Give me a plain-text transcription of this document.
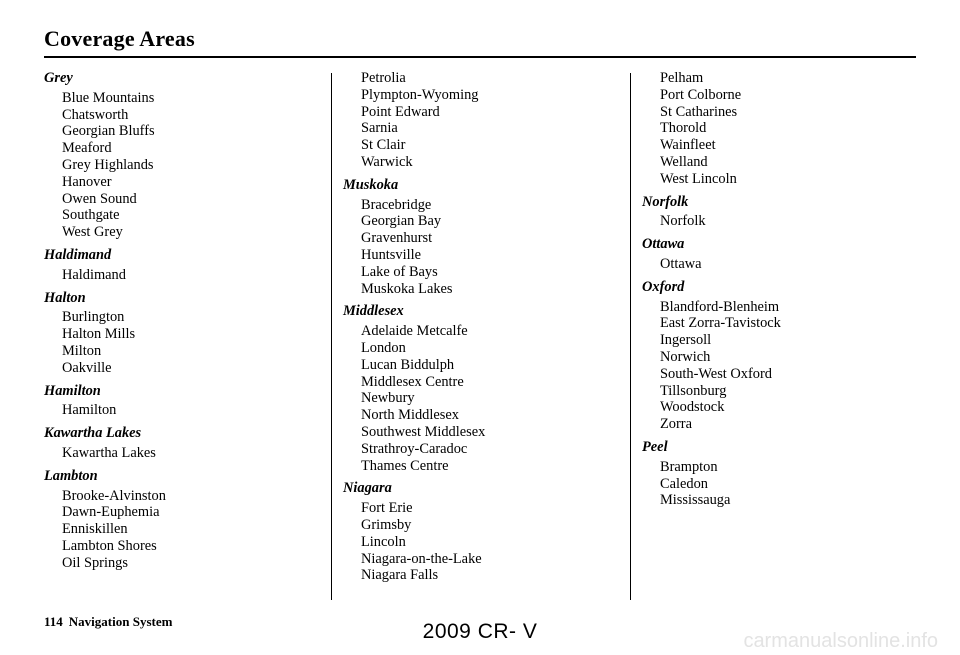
Coverage Areas
Grey
Blue Mountains
Chatsworth
Georgian Bluffs
Meaford
Grey Highlands
Hanover
Owen Sound
Southgate
West Grey
Haldimand
Haldimand
Halton
Burlington
Halton Mills
Milton
Oakville
Hamilton
Hamilton
Kawartha Lakes
Kawartha Lakes
Lambton
Brooke-Alvinston
Dawn-Euphemia
Enniskillen
Lambton Shores
Oil Springs
Petrolia
Plympton-Wyoming
Point Edward
Sarnia
St Clair
Warwick
Muskoka
Bracebridge
Georgian Bay
Gravenhurst
Huntsville
Lake of Bays
Muskoka Lakes
Middlesex
Adelaide Metcalfe
London
Lucan Biddulph
Middlesex Centre
Newbury
North Middlesex
Southwest Middlesex
Strathroy-Caradoc
Thames Centre
Niagara
Fort Erie
Grimsby
Lincoln
Niagara-on-the-Lake
Niagara Falls
Pelham
Port Colborne
St Catharines
Thorold
Wainfleet
Welland
West Lincoln
Norfolk
Norfolk
Ottawa
Ottawa
Oxford
Blandford-Blenheim
East Zorra-Tavistock
Ingersoll
Norwich
South-West Oxford
Tillsonburg
Woodstock
Zorra
Peel
Brampton
Caledon
Mississauga
114 Navigation System	2009 CR- V	carmanualsonline.info
